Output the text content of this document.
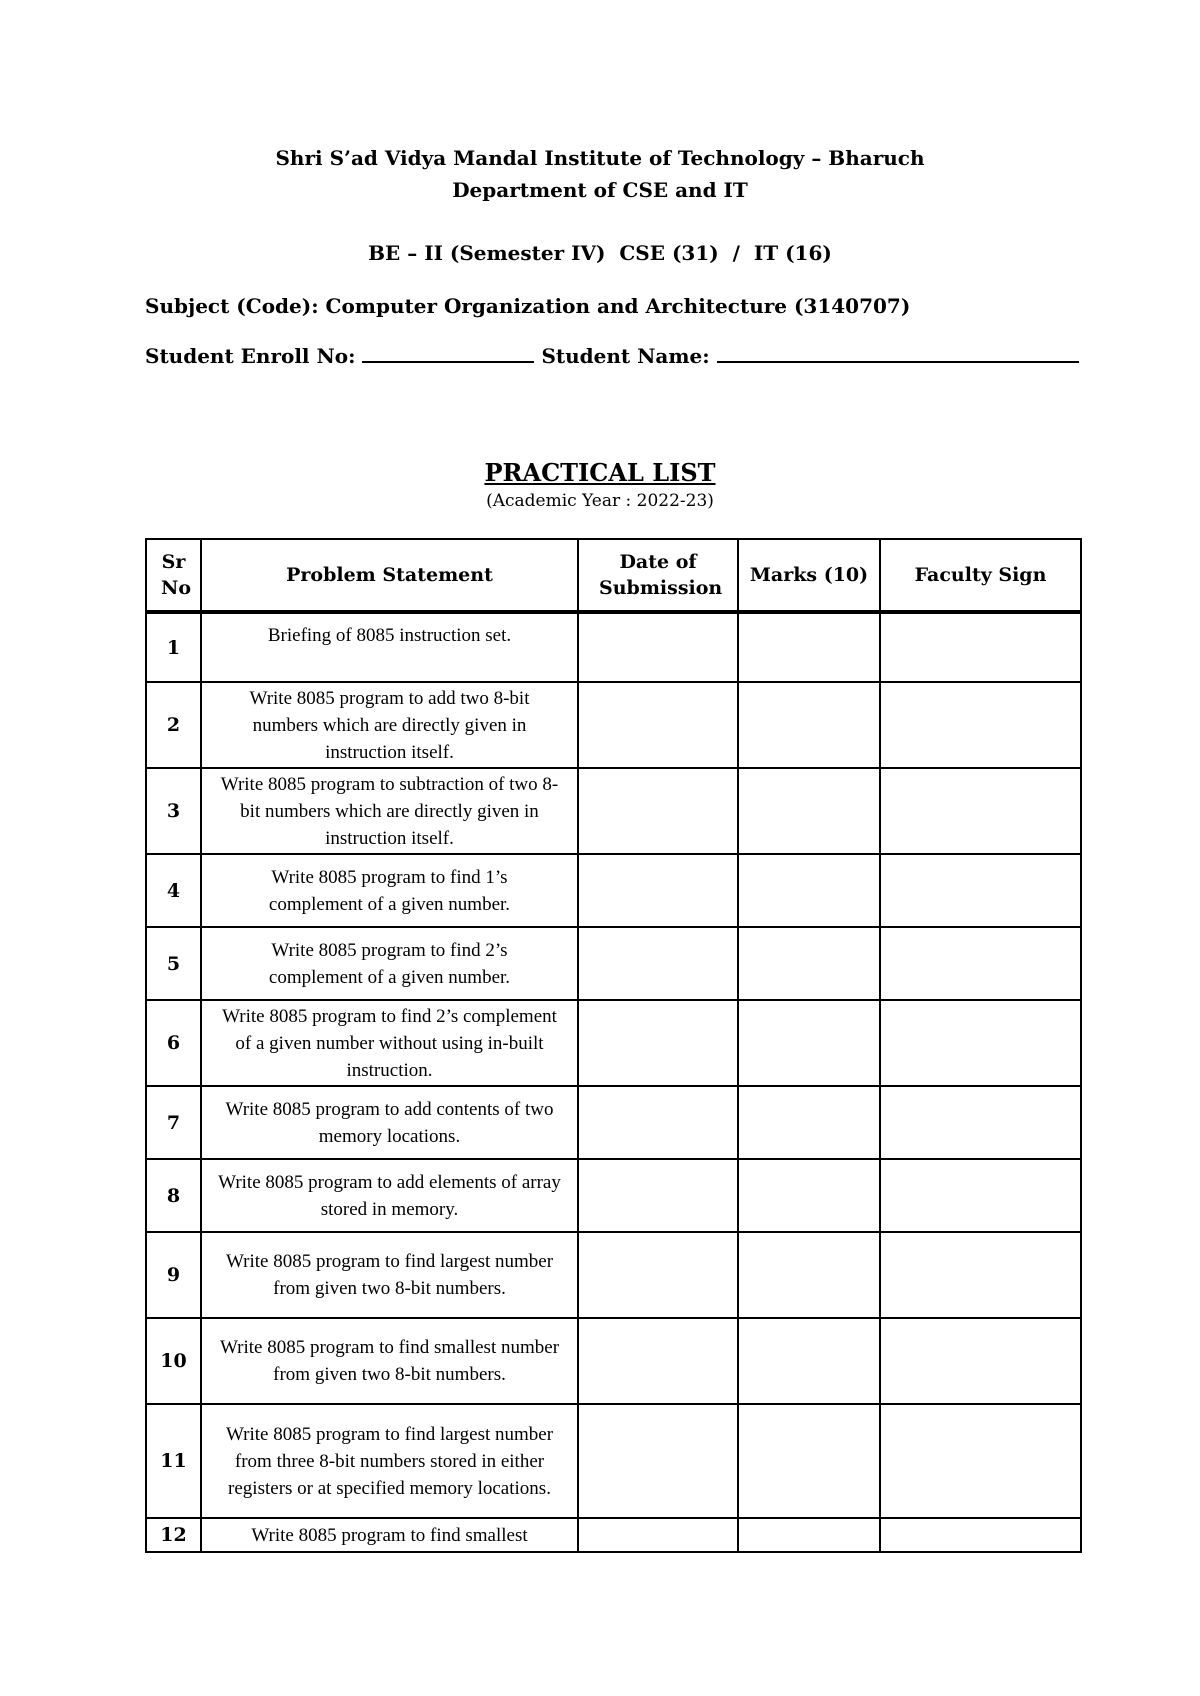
Shri S’ad Vidya Mandal Institute of Technology – Bharuch
Department of CSE and IT
BE – II (Semester IV)  CSE (31)  /  IT (16)
Subject (Code): Computer Organization and Architecture (3140707)
Student Enroll No:	Student Name:
PRACTICAL LIST
(Academic Year : 2022-23)
Sr No	Problem Statement	Date of Submission	Marks (10)	Faculty Sign
1	Briefing of 8085 instruction set.			
2	Write 8085 program to add two 8-bit numbers which are directly given in instruction itself.			
3	Write 8085 program to subtraction of two 8-bit numbers which are directly given in instruction itself.			
4	Write 8085 program to find 1’s complement of a given number.			
5	Write 8085 program to find 2’s complement of a given number.			
6	Write 8085 program to find 2’s complement of a given number without using in-built instruction.			
7	Write 8085 program to add contents of two memory locations.			
8	Write 8085 program to add elements of array stored in memory.			
9	Write 8085 program to find largest number from given two 8-bit numbers.			
10	Write 8085 program to find smallest number from given two 8-bit numbers.			
11	Write 8085 program to find largest number from three 8-bit numbers stored in either registers or at specified memory locations.			
12	Write 8085 program to find smallest			
